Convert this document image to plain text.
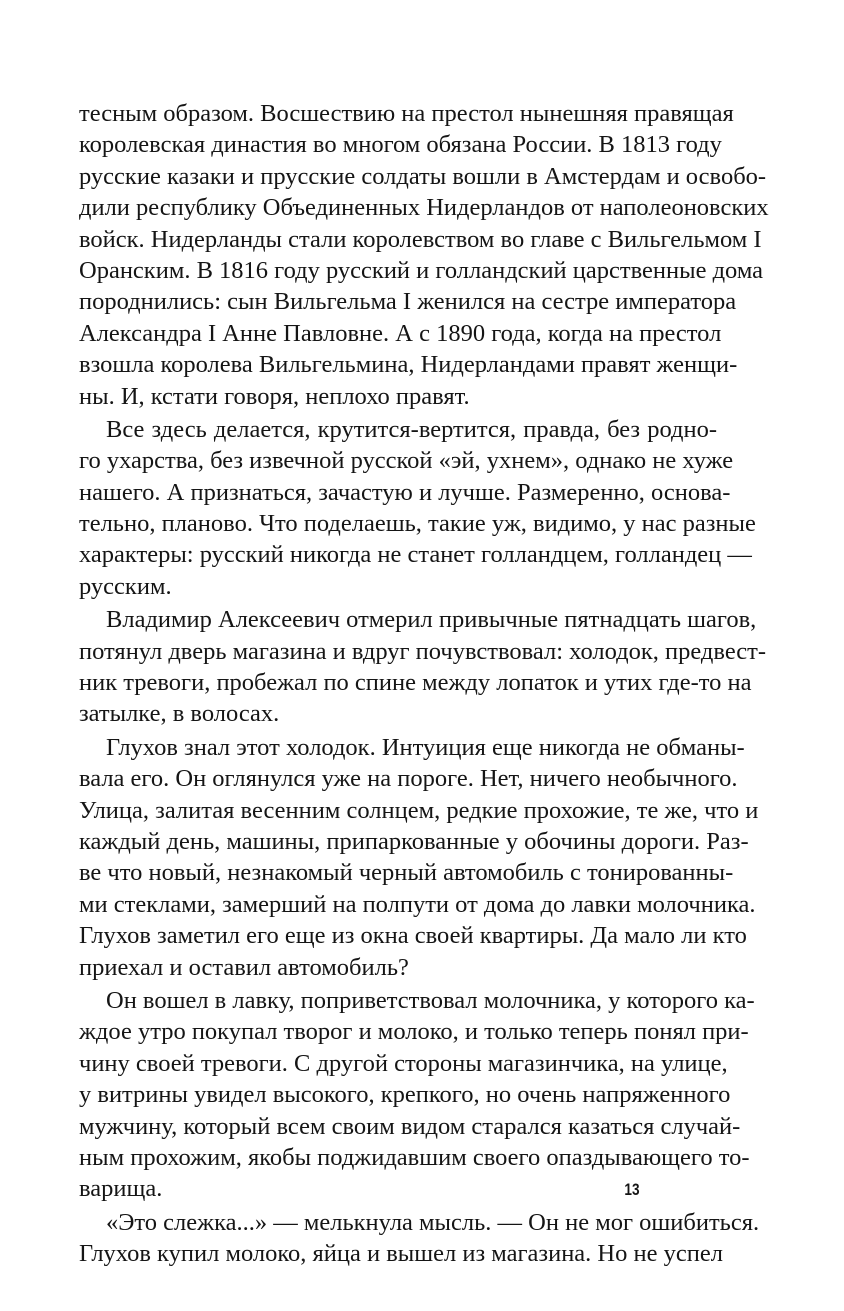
тесным образом. Восшествию на престол нынешняя правящая
королевская династия во многом обязана России. В 1813 году
русские казаки и прусские солдаты вошли в Амстердам и освобо-
дили республику Объединенных Нидерландов от наполеоновских
войск. Нидерланды стали королевством во главе с Вильгельмом I
Оранским. В 1816 году русский и голландский царственные дома
породнились: сын Вильгельма I женился на сестре императора
Александра I Анне Павловне. А с 1890 года, когда на престол
взошла королева Вильгельмина, Нидерландами правят женщи-
ны. И, кстати говоря, неплохо правят.
Все здесь делается, крутится-вертится, правда, без родно-
го ухарства, без извечной русской «эй, ухнем», однако не хуже
нашего. А признаться, зачастую и лучше. Размеренно, основа-
тельно, планово. Что поделаешь, такие уж, видимо, у нас разные
характеры: русский никогда не станет голландцем, голландец —
русским.
Владимир Алексеевич отмерил привычные пятнадцать шагов,
потянул дверь магазина и вдруг почувствовал: холодок, предвест-
ник тревоги, пробежал по спине между лопаток и утих где-то на
затылке, в волосах.
Глухов знал этот холодок. Интуиция еще никогда не обманы-
вала его. Он оглянулся уже на пороге. Нет, ничего необычного.
Улица, залитая весенним солнцем, редкие прохожие, те же, что и
каждый день, машины, припаркованные у обочины дороги. Раз-
ве что новый, незнакомый черный автомобиль с тонированны-
ми стеклами, замерший на полпути от дома до лавки молочника.
Глухов заметил его еще из окна своей квартиры. Да мало ли кто
приехал и оставил автомобиль?
Он вошел в лавку, поприветствовал молочника, у которого ка-
ждое утро покупал творог и молоко, и только теперь понял при-
чину своей тревоги. С другой стороны магазинчика, на улице,
у витрины увидел высокого, крепкого, но очень напряженного
мужчину, который всем своим видом старался казаться случай-
ным прохожим, якобы поджидавшим своего опаздывающего то-
варища.
«Это слежка...» — мелькнула мысль. — Он не мог ошибиться.
Глухов купил молоко, яйца и вышел из магазина. Но не успел
13
